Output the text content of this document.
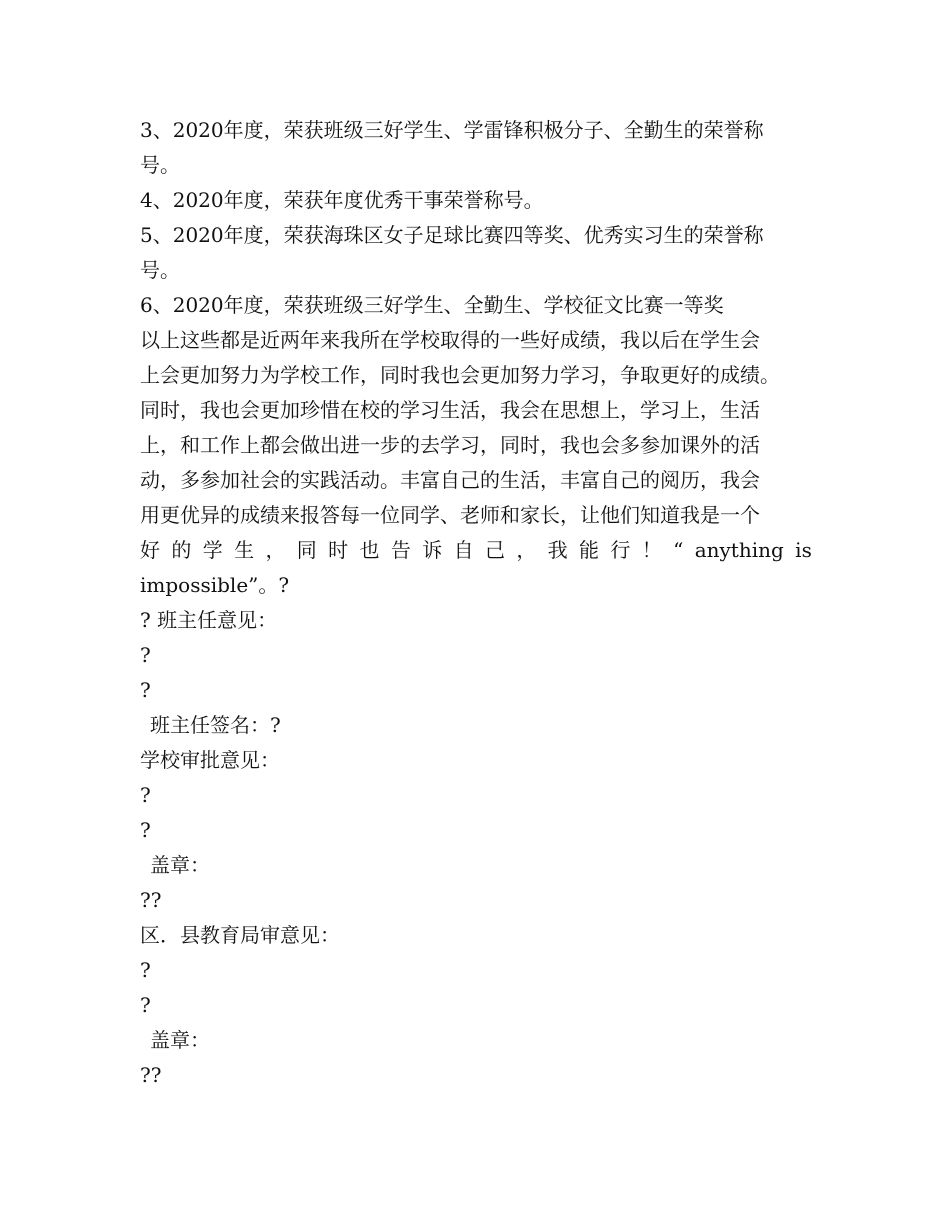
3、2020年度，荣获班级三好学生、学雷锋积极分子、全勤生的荣誉称
号。
4、2020年度，荣获年度优秀干事荣誉称号。
5、2020年度，荣获海珠区女子足球比赛四等奖、优秀实习生的荣誉称
号。
6、2020年度，荣获班级三好学生、全勤生、学校征文比赛一等奖
以上这些都是近两年来我所在学校取得的一些好成绩，我以后在学生会
上会更加努力为学校工作，同时我也会更加努力学习，争取更好的成绩。
同时，我也会更加珍惜在校的学习生活，我会在思想上，学习上，生活
上，和工作上都会做出进一步的去学习，同时，我也会多参加课外的活
动，多参加社会的实践活动。丰富自己的生活，丰富自己的阅历，我会
用更优异的成绩来报答每一位同学、老师和家长，让他们知道我是一个
好 的 学 生 ， 同 时 也 告 诉 自 己 ， 我 能 行 ！ “ anything is
impossible”。?
? 班主任意见：
?
?
班主任签名：?
学校审批意见：
?
?
盖章：
??
区．县教育局审意见：
?
?
盖章：
??
